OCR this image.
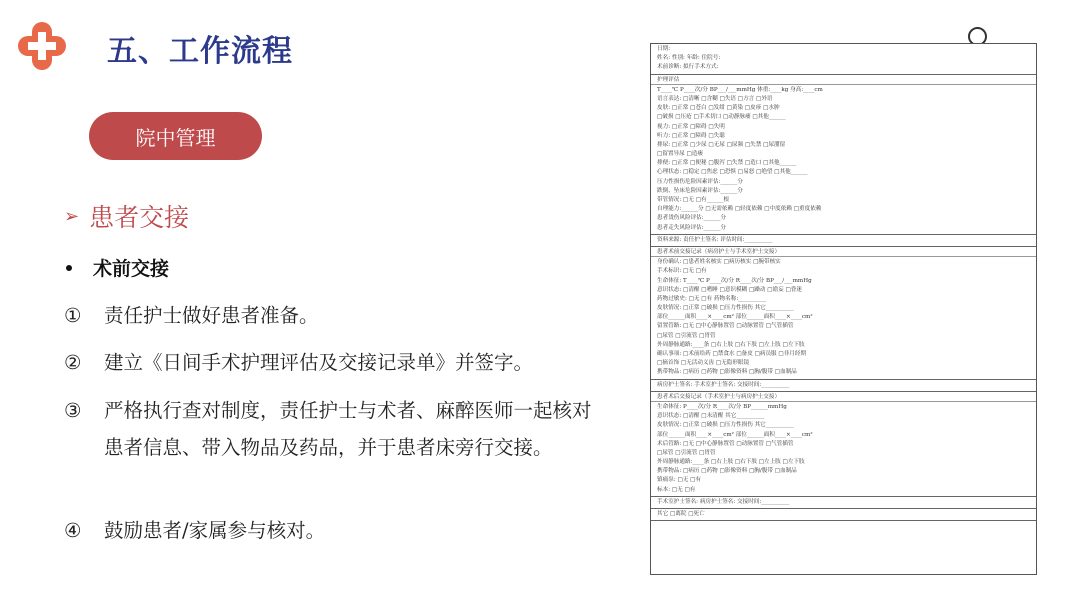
五、工作流程
院中管理
➢ 患者交接
术前交接
①	责任护士做好患者准备。
②	建立《日间手术护理评估及交接记录单》并签字。
③	严格执行查对制度，责任护士与术者、麻醉医师一起核对患者信息、带入物品及药品，并于患者床旁行交接。
④	鼓励患者/家属参与核对。
日期:
姓名: 性别: 年龄: 住院号:
术前诊断: 拟行手术方式:
护理评估
T____℃ P____次/分 BP___/___mmHg 体重:____kg 身高:____cm
语言表达: □清晰 □含糊 □失语 □方言 □外语
皮肤: □正常 □苍白 □发绀 □黄染 □皮疹 □水肿
□破损 □压疮 □手术切口 □动静脉瘘 □其他______
视力: □正常 □障碍 □失明
听力: □正常 □障碍 □失聪
排尿: □正常 □少尿 □无尿 □尿频 □失禁 □尿潴留
□留置导尿 □造瘘
排便: □正常 □便秘 □腹泻 □失禁 □造口 □其他______
心理状态: □稳定 □焦虑 □恐惧 □易怒 □绝望 □其他______
压力性损伤危险因素评估:______分
跌倒、坠床危险因素评估:______分
带管情况: □无 □有______根
自理能力:______分 □无需依赖 □轻度依赖 □中度依赖 □重度依赖
患者烫伤风险评估:______分
患者走失风险评估:______分
资料来源: 责任护士签名: 评估时间:__________
患者术前交接记录（病房护士与手术室护士交接）
身份确认: □患者姓名核实 □病历核实 □腕带核实
手术标识: □无 □有
生命体征: T____℃ P____次/分 R____次/分 BP___/___mmHg
意识状态: □清醒 □嗜睡 □意识模糊 □躁动 □谵妄 □昏迷
药物过敏史: □无 □有 药物名称:__________
皮肤情况: □正常 □破损 □压力性损伤 其它__________
部位______面积____×____cm² 部位______面积____×____cm²
留置管路: □无 □中心静脉置管 □动脉置管 □气管插管
□尿管 □引流管 □胃管
外周静脉通路:____条 □右上肢 □右下肢 □左上肢 □左下肢
确认事项: □术前给药 □禁食水 □备皮 □病员服 □非月经期
□摘首饰 □无活动义齿 □无隐形眼镜
携带物品: □病历 □药物 □影像资料 □胸/腹带 □血制品
病房护士签名: 手术室护士签名: 交接时间:__________
患者术后交接记录（手术室护士与病房护士交接）
生命体征: P____次/分 R____次/分 BP______mmHg
意识状态: □清醒 □未清醒 其它__________
皮肤情况: □正常 □破损 □压力性损伤 其它__________
部位______面积____×____cm² 部位______面积____×____cm²
术后管路: □无 □中心静脉置管 □动脉置管 □气管插管
□尿管 □引流管 □胃管
外周静脉通路:____条 □右上肢 □右下肢 □左上肢 □左下肢
携带物品: □病历 □药物 □影像资料 □胸/腹带 □血制品
镇痛泵: □无 □有
标本: □无 □有
手术室护士签名: 病房护士签名: 交接时间:__________
其它 □离院 □死亡
